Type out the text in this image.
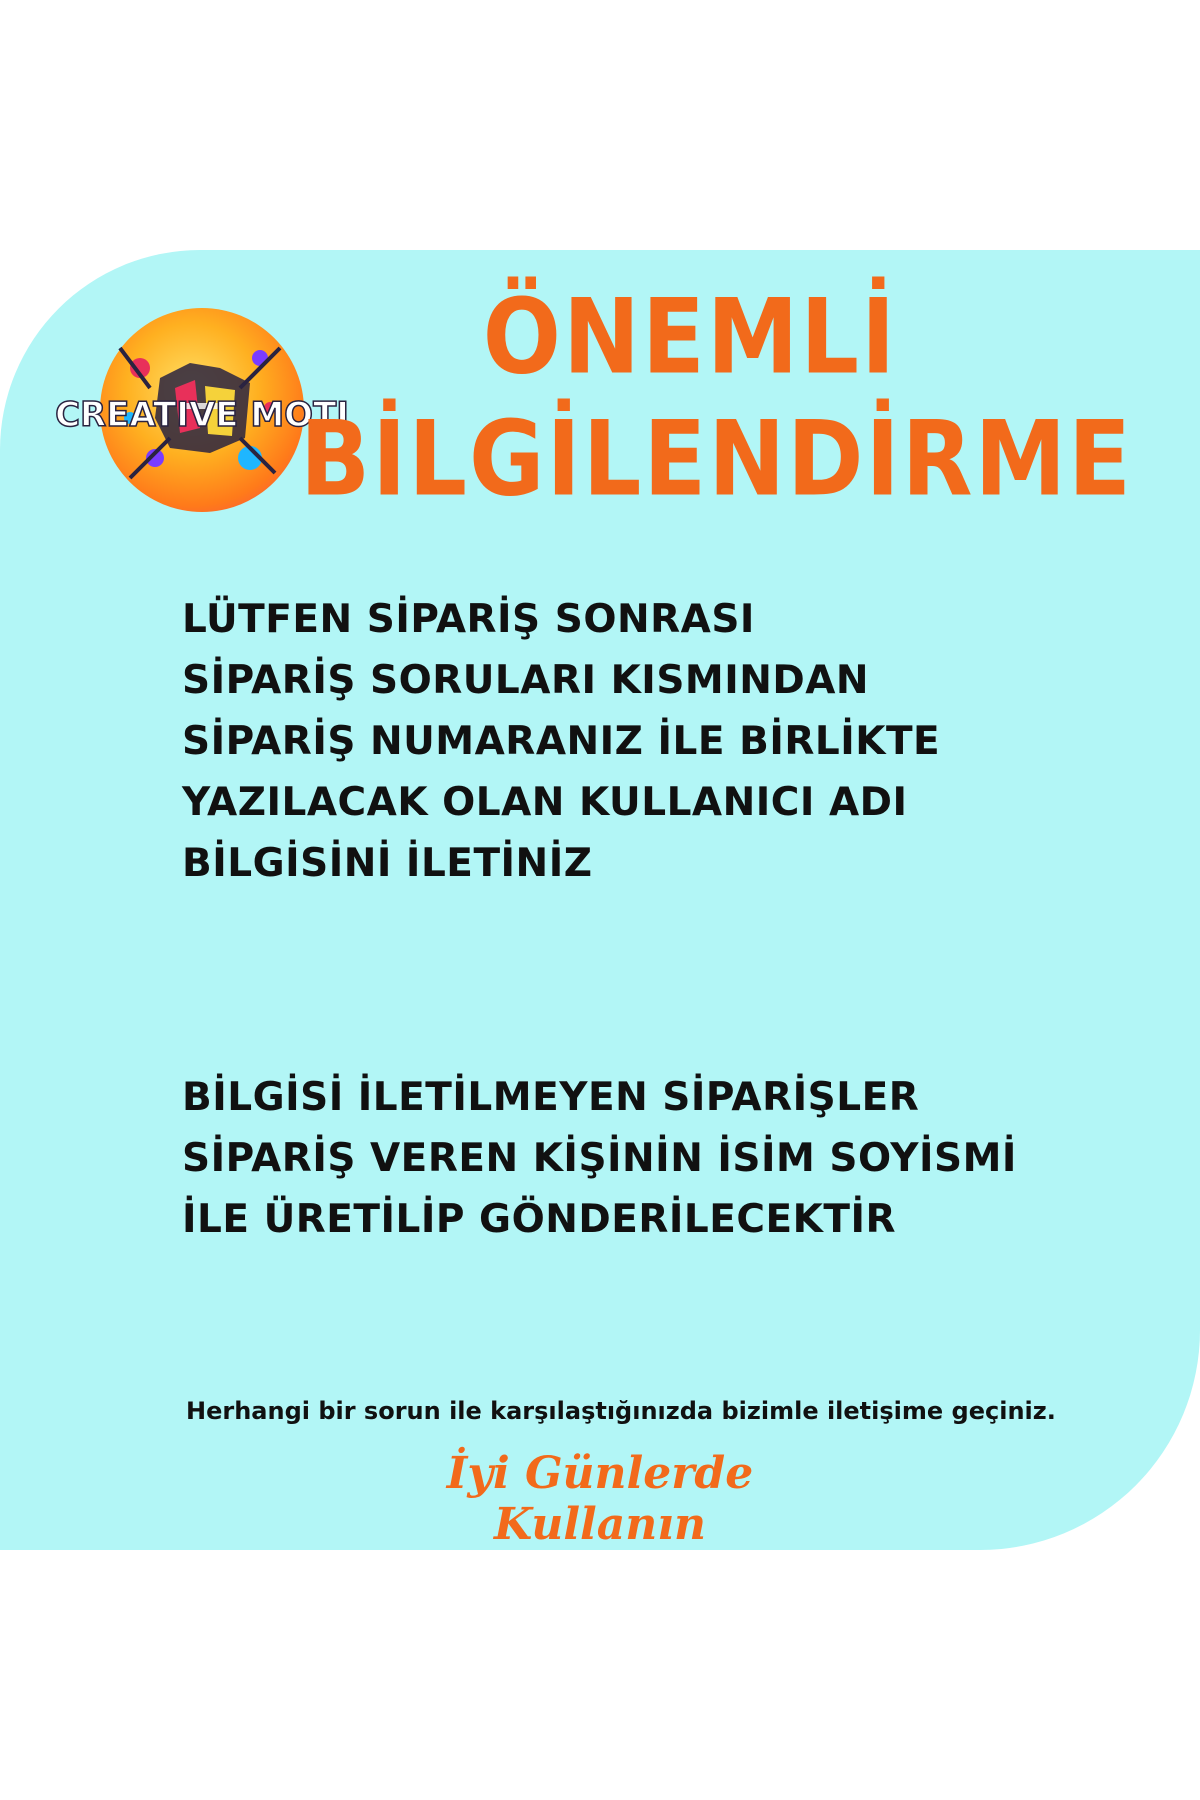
CREATIVE MOTI
ÖNEMLİ
BİLGİLENDİRME
LÜTFEN SİPARİŞ SONRASI
SİPARİŞ SORULARI KISMINDAN
SİPARİŞ NUMARANIZ İLE BİRLİKTE
YAZILACAK OLAN KULLANICI ADI
BİLGİSİNİ İLETİNİZ
BİLGİSİ İLETİLMEYEN SİPARİŞLER
SİPARİŞ VEREN KİŞİNİN İSİM SOYİSMİ
İLE ÜRETİLİP GÖNDERİLECEKTİR

Herhangi bir sorun ile karşılaştığınızda bizimle iletişime geçiniz.

İyi Günlerde Kullanın
